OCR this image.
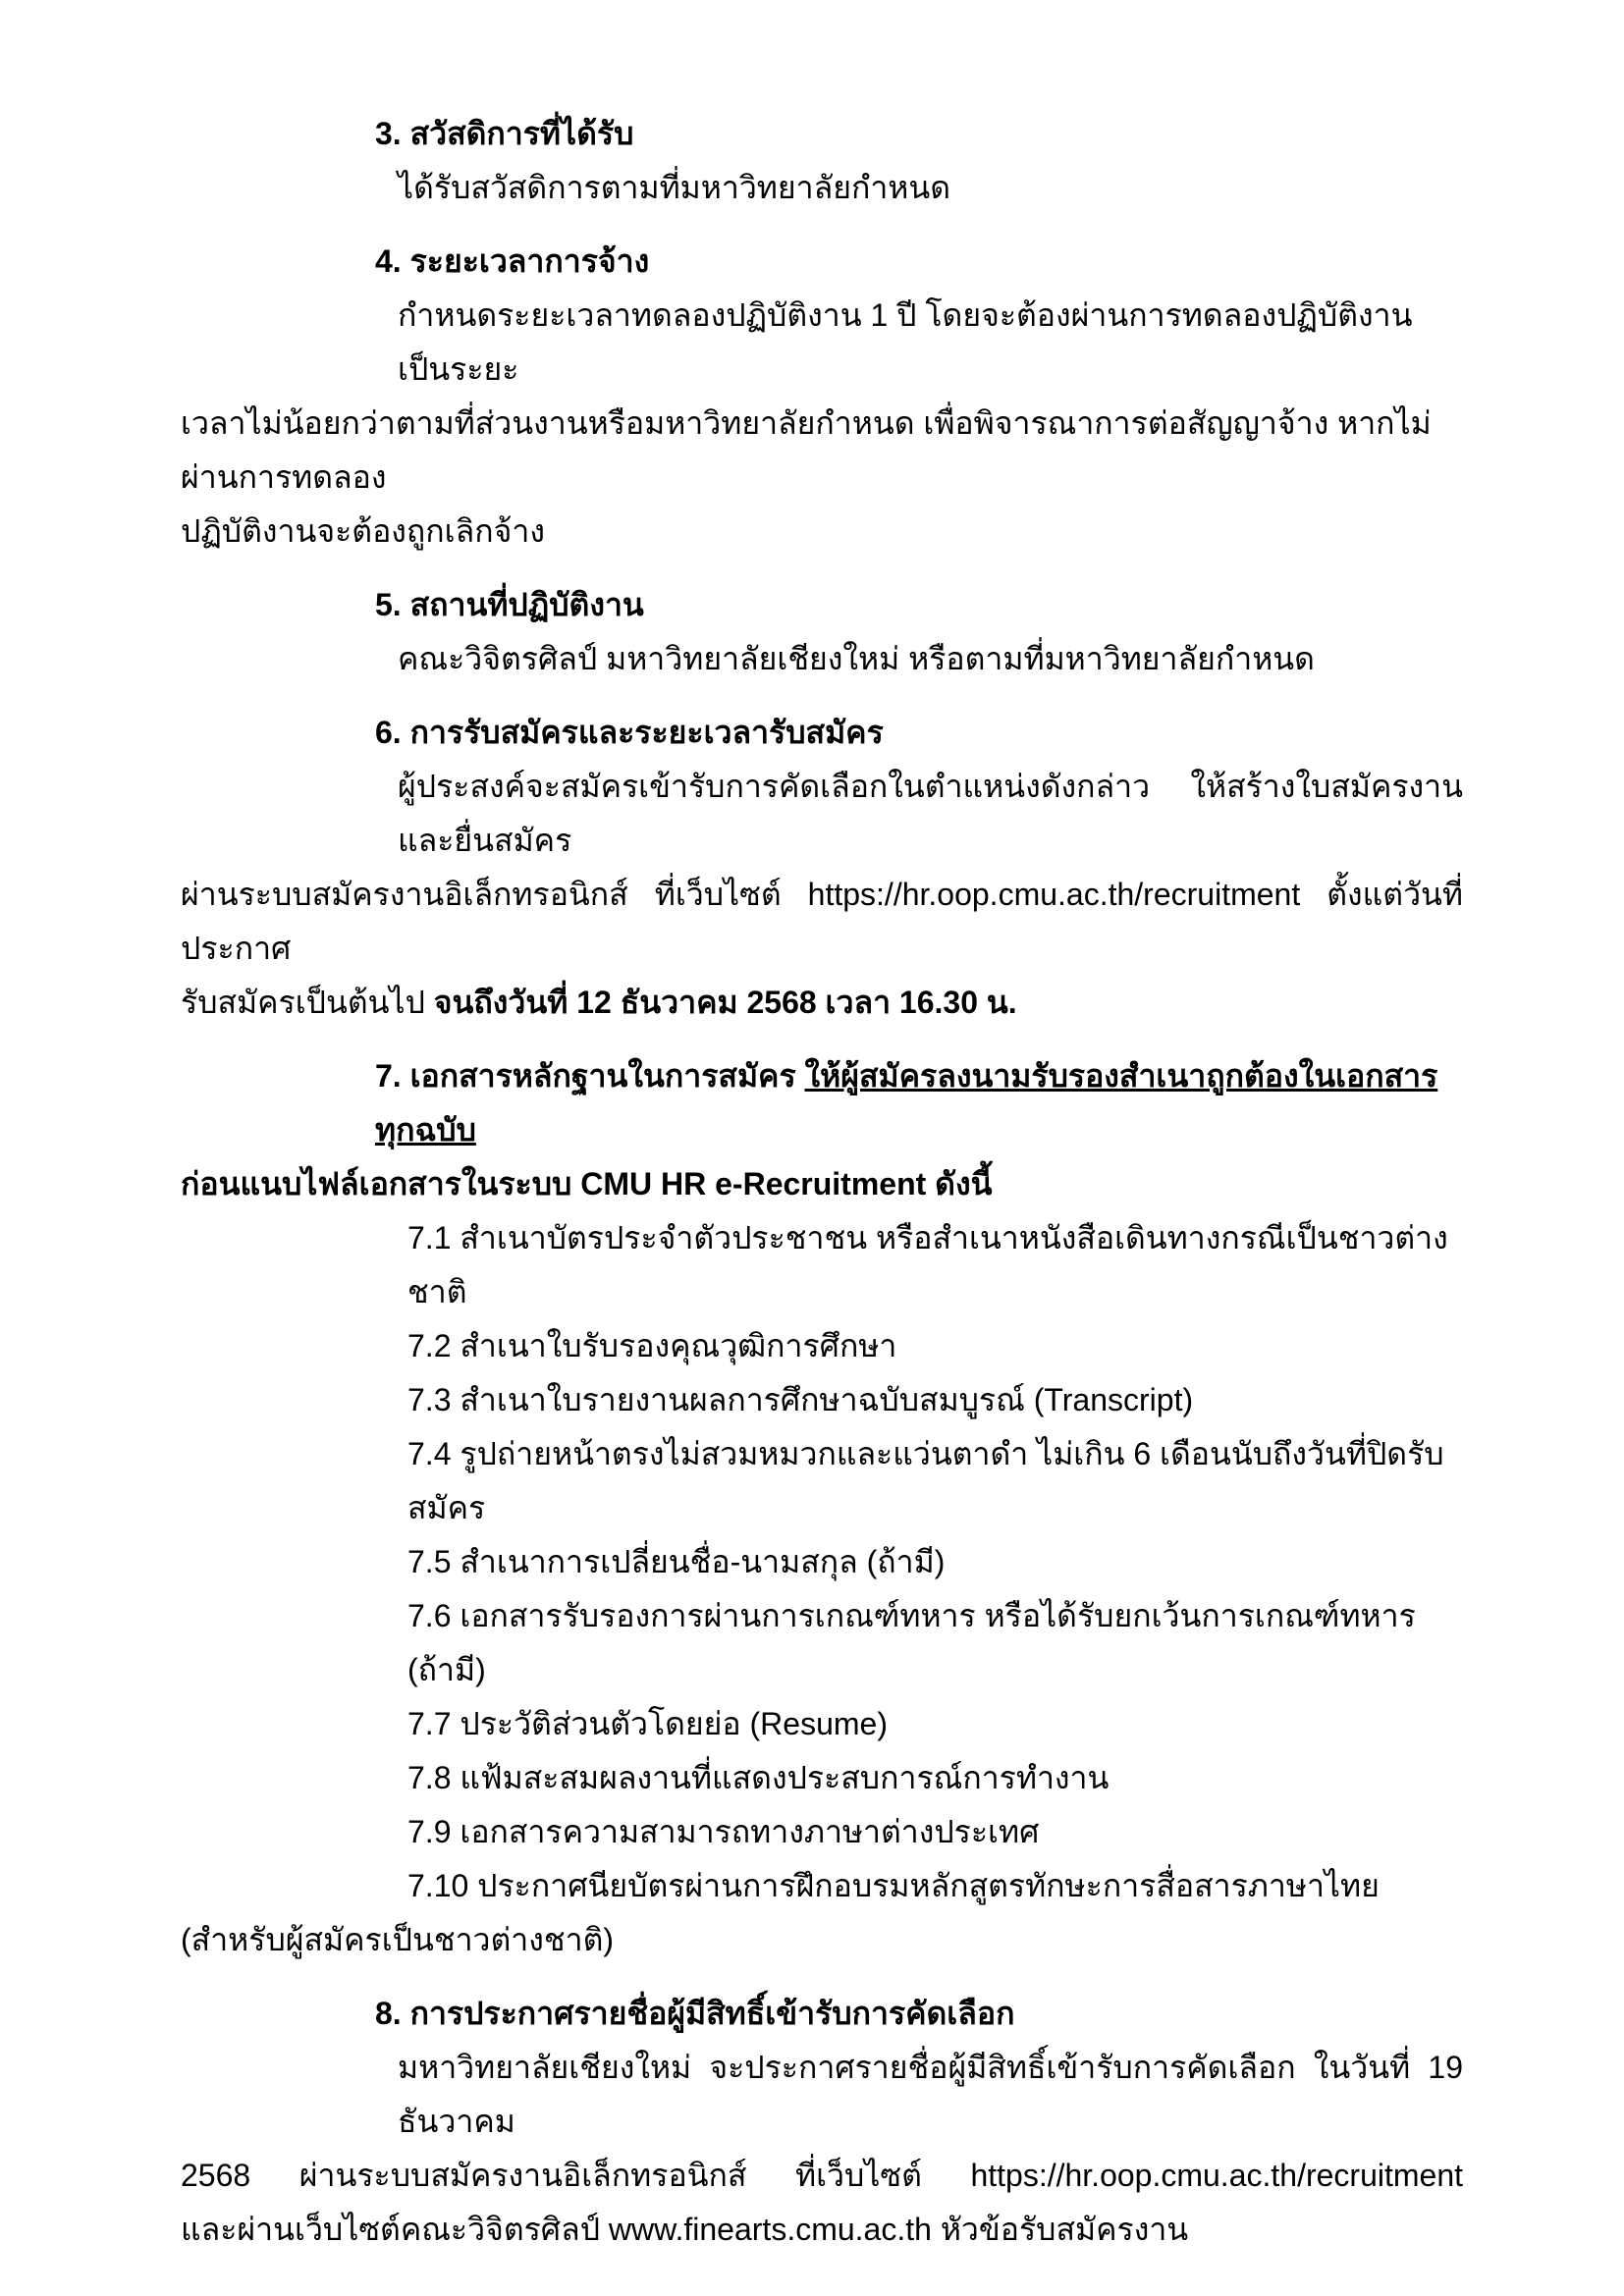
3. สวัสดิการที่ได้รับ
ได้รับสวัสดิการตามที่มหาวิทยาลัยกำหนด
4. ระยะเวลาการจ้าง
กำหนดระยะเวลาทดลองปฏิบัติงาน 1 ปี โดยจะต้องผ่านการทดลองปฏิบัติงานเป็นระยะ
เวลาไม่น้อยกว่าตามที่ส่วนงานหรือมหาวิทยาลัยกำหนด เพื่อพิจารณาการต่อสัญญาจ้าง หากไม่ผ่านการทดลอง
ปฏิบัติงานจะต้องถูกเลิกจ้าง
5. สถานที่ปฏิบัติงาน
คณะวิจิตรศิลป์ มหาวิทยาลัยเชียงใหม่ หรือตามที่มหาวิทยาลัยกำหนด
6. การรับสมัครและระยะเวลารับสมัคร
ผู้ประสงค์จะสมัครเข้ารับการคัดเลือกในตำแหน่งดังกล่าว ให้สร้างใบสมัครงานและยื่นสมัคร
ผ่านระบบสมัครงานอิเล็กทรอนิกส์ ที่เว็บไซต์ https://hr.oop.cmu.ac.th/recruitment ตั้งแต่วันที่ประกาศ
รับสมัครเป็นต้นไป จนถึงวันที่ 12 ธันวาคม 2568 เวลา 16.30 น.
7. เอกสารหลักฐานในการสมัคร ให้ผู้สมัครลงนามรับรองสำเนาถูกต้องในเอกสารทุกฉบับ
ก่อนแนบไฟล์เอกสารในระบบ CMU HR e-Recruitment ดังนี้
7.1 สำเนาบัตรประจำตัวประชาชน หรือสำเนาหนังสือเดินทางกรณีเป็นชาวต่างชาติ
7.2 สำเนาใบรับรองคุณวุฒิการศึกษา
7.3 สำเนาใบรายงานผลการศึกษาฉบับสมบูรณ์ (Transcript)
7.4 รูปถ่ายหน้าตรงไม่สวมหมวกและแว่นตาดำ ไม่เกิน 6 เดือนนับถึงวันที่ปิดรับสมัคร
7.5 สำเนาการเปลี่ยนชื่อ-นามสกุล (ถ้ามี)
7.6 เอกสารรับรองการผ่านการเกณฑ์ทหาร หรือได้รับยกเว้นการเกณฑ์ทหาร (ถ้ามี)
7.7 ประวัติส่วนตัวโดยย่อ (Resume)
7.8 แฟ้มสะสมผลงานที่แสดงประสบการณ์การทำงาน
7.9 เอกสารความสามารถทางภาษาต่างประเทศ
7.10 ประกาศนียบัตรผ่านการฝึกอบรมหลักสูตรทักษะการสื่อสารภาษาไทย
(สำหรับผู้สมัครเป็นชาวต่างชาติ)
8. การประกาศรายชื่อผู้มีสิทธิ์เข้ารับการคัดเลือก
มหาวิทยาลัยเชียงใหม่ จะประกาศรายชื่อผู้มีสิทธิ์เข้ารับการคัดเลือก ในวันที่ 19 ธันวาคม
2568 ผ่านระบบสมัครงานอิเล็กทรอนิกส์ ที่เว็บไซต์ https://hr.oop.cmu.ac.th/recruitment
และผ่านเว็บไซต์คณะวิจิตรศิลป์ www.finearts.cmu.ac.th หัวข้อรับสมัครงาน
